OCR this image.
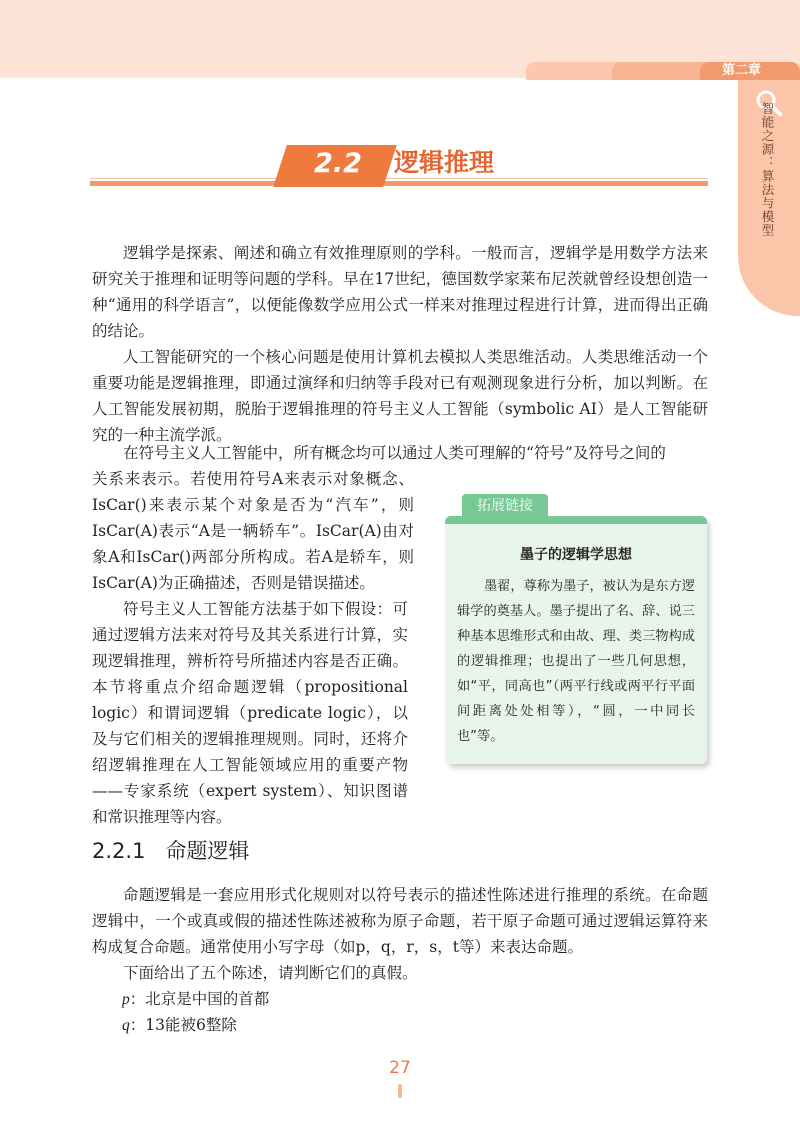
第二章
智能之源：算法与模型
2.2	逻辑推理

逻辑学是探索、阐述和确立有效推理原则的学科。一般而言，逻辑学是用数学方法来研究关于推理和证明等问题的学科。早在17世纪，德国数学家莱布尼茨就曾经设想创造一种“通用的科学语言”，以便能像数学应用公式一样来对推理过程进行计算，进而得出正确的结论。

人工智能研究的一个核心问题是使用计算机去模拟人类思维活动。人类思维活动一个重要功能是逻辑推理，即通过演绎和归纳等手段对已有观测现象进行分析，加以判断。在人工智能发展初期，脱胎于逻辑推理的符号主义人工智能（symbolic AI）是人工智能研究的一种主流学派。

在符号主义人工智能中，所有概念均可以通过人类可理解的“符号”及符号之间的

关系来表示。若使用符号A来表示对象概念、IsCar()来表示某个对象是否为“汽车”，则IsCar(A)表示“A是一辆轿车”。IsCar(A)由对象A和IsCar()两部分所构成。若A是轿车，则IsCar(A)为正确描述，否则是错误描述。

符号主义人工智能方法基于如下假设：可通过逻辑方法来对符号及其关系进行计算，实现逻辑推理，辨析符号所描述内容是否正确。本节将重点介绍命题逻辑（propositional logic）和谓词逻辑（predicate logic），以及与它们相关的逻辑推理规则。同时，还将介绍逻辑推理在人工智能领域应用的重要产物——专家系统（expert system）、知识图谱和常识推理等内容。

拓展链接
墨子的逻辑学思想

墨翟，尊称为墨子，被认为是东方逻辑学的奠基人。墨子提出了名、辞、说三种基本思维形式和由故、理、类三物构成的逻辑推理；也提出了一些几何思想，如“平，同高也”（两平行线或两平行平面间距离处处相等），“圆，一中同长也”等。

2.2.1 命题逻辑

命题逻辑是一套应用形式化规则对以符号表示的描述性陈述进行推理的系统。在命题逻辑中，一个或真或假的描述性陈述被称为原子命题，若干原子命题可通过逻辑运算符来构成复合命题。通常使用小写字母（如p，q，r，s，t等）来表达命题。

下面给出了五个陈述，请判断它们的真假。

p：北京是中国的首都
q：13能被6整除
27
